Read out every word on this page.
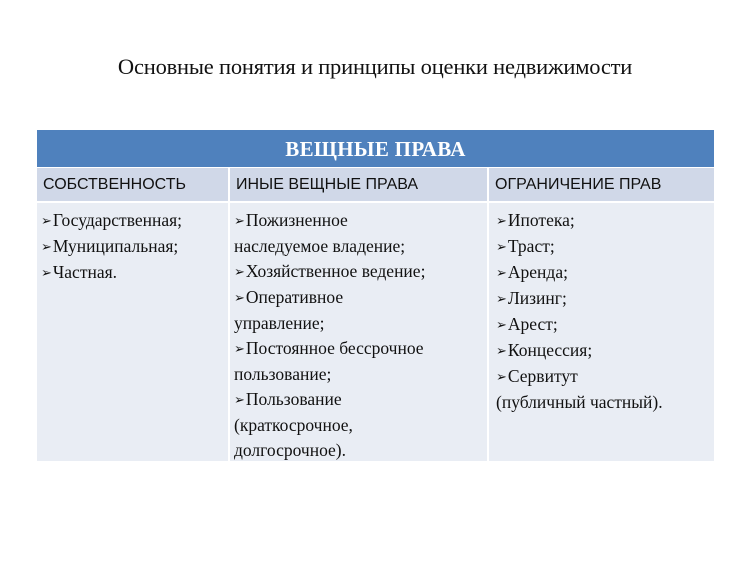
Основные понятия и принципы оценки недвижимости
ВЕЩНЫЕ ПРАВА
СОБСТВЕННОСТЬ	ИНЫЕ ВЕЩНЫЕ ПРАВА	ОГРАНИЧЕНИЕ ПРАВ
➢Государственная;
➢Муниципальная;
➢Частная.
➢Пожизненное
наследуемое владение;
➢Хозяйственное ведение;
➢Оперативное
управление;
➢Постоянное бессрочное
пользование;
➢Пользование
(краткосрочное,
долгосрочное).
➢Ипотека;
➢Траст;
➢Аренда;
➢Лизинг;
➢Арест;
➢Концессия;
➢Сервитут
(публичный частный).
